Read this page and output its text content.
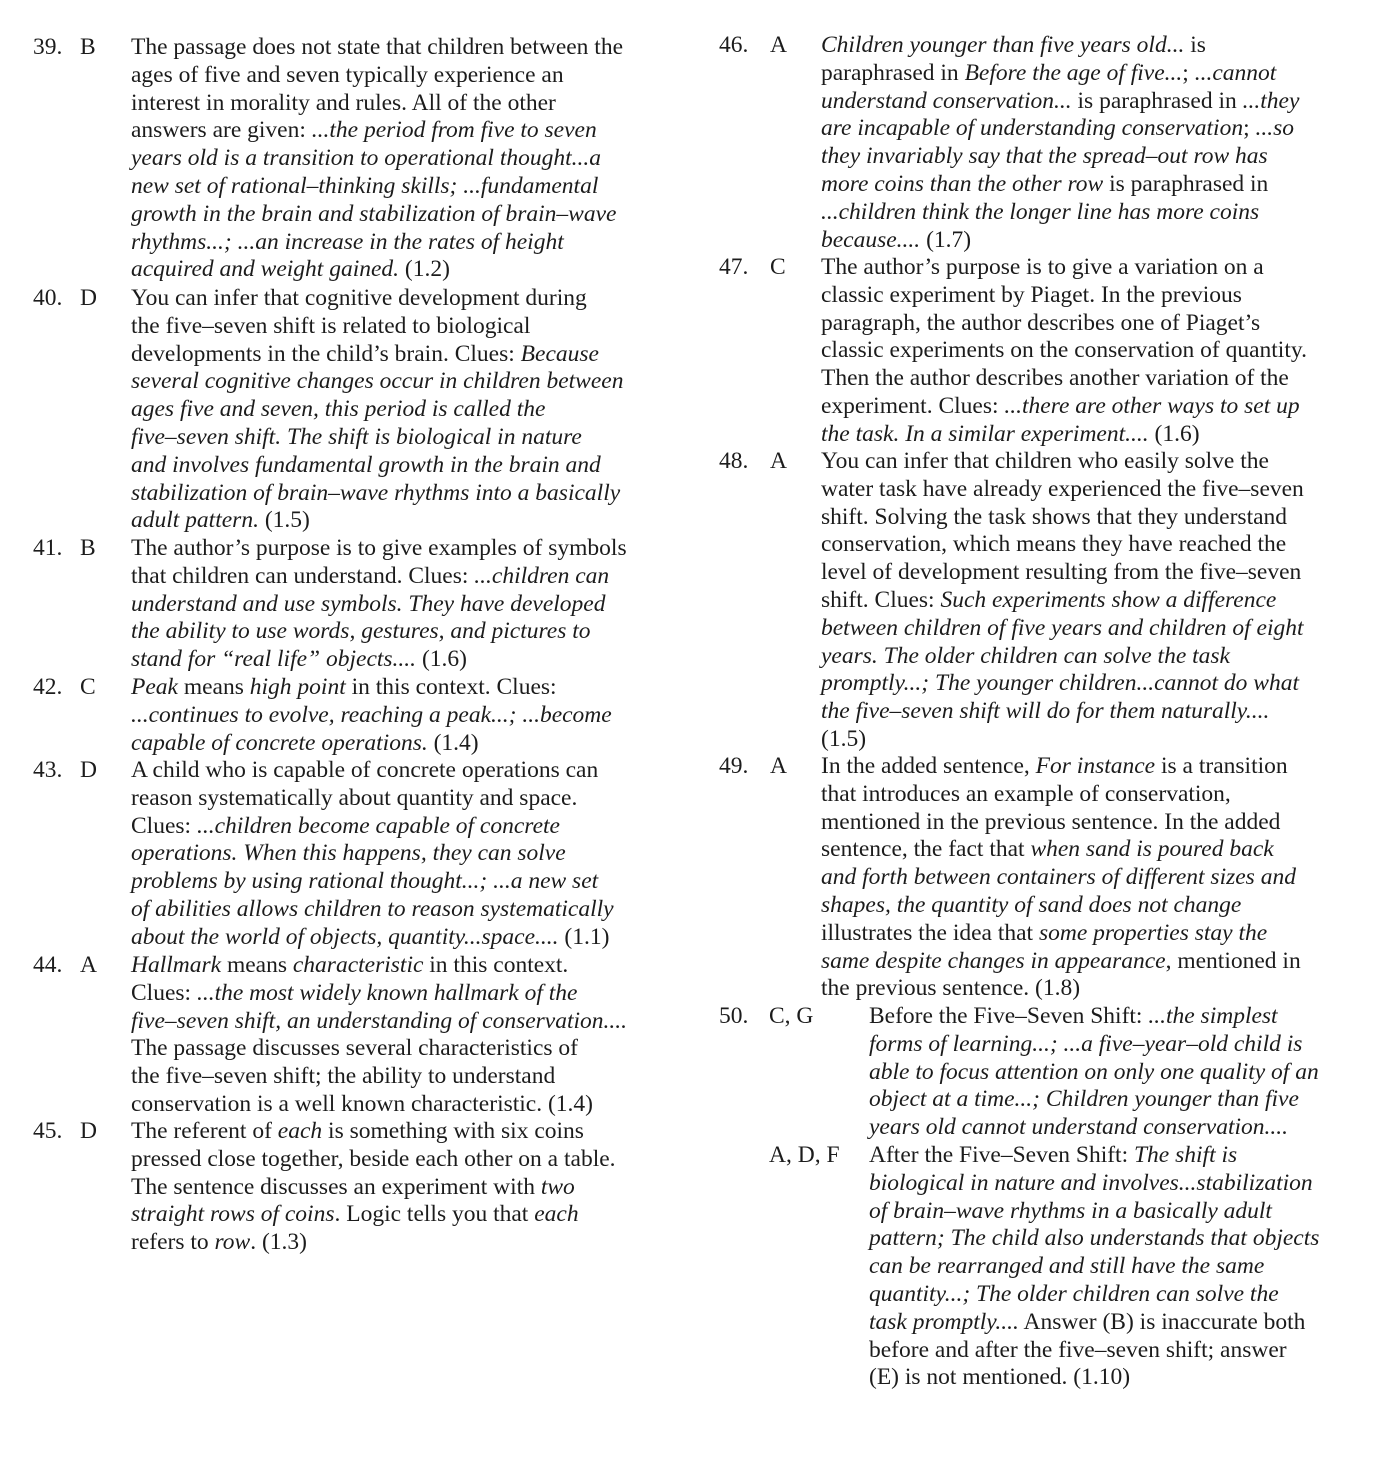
39. B The passage does not state that children between the
ages of five and seven typically experience an
interest in morality and rules. All of the other
answers are given: ...the period from five to seven
years old is a transition to operational thought...a
new set of rational–thinking skills; ...fundamental
growth in the brain and stabilization of brain–wave
rhythms...; ...an increase in the rates of height
acquired and weight gained. (1.2)
40. D You can infer that cognitive development during
the five–seven shift is related to biological
developments in the child’s brain. Clues: Because
several cognitive changes occur in children between
ages five and seven, this period is called the
five–seven shift. The shift is biological in nature
and involves fundamental growth in the brain and
stabilization of brain–wave rhythms into a basically
adult pattern. (1.5)
41. B The author’s purpose is to give examples of symbols
that children can understand. Clues: ...children can
understand and use symbols. They have developed
the ability to use words, gestures, and pictures to
stand for “real life” objects.... (1.6)
42. C Peak means high point in this context. Clues:
...continues to evolve, reaching a peak...; ...become
capable of concrete operations. (1.4)
43. D A child who is capable of concrete operations can
reason systematically about quantity and space.
Clues: ...children become capable of concrete
operations. When this happens, they can solve
problems by using rational thought...; ...a new set
of abilities allows children to reason systematically
about the world of objects, quantity...space.... (1.1)
44. A Hallmark means characteristic in this context.
Clues: ...the most widely known hallmark of the
five–seven shift, an understanding of conservation....
The passage discusses several characteristics of
the five–seven shift; the ability to understand
conservation is a well known characteristic. (1.4)
45. D The referent of each is something with six coins
pressed close together, beside each other on a table.
The sentence discusses an experiment with two
straight rows of coins. Logic tells you that each
refers to row. (1.3)
46. A Children younger than five years old... is
paraphrased in Before the age of five...; ...cannot
understand conservation... is paraphrased in ...they
are incapable of understanding conservation; ...so
they invariably say that the spread–out row has
more coins than the other row is paraphrased in
...children think the longer line has more coins
because.... (1.7)
47. C The author’s purpose is to give a variation on a
classic experiment by Piaget. In the previous
paragraph, the author describes one of Piaget’s
classic experiments on the conservation of quantity.
Then the author describes another variation of the
experiment. Clues: ...there are other ways to set up
the task. In a similar experiment.... (1.6)
48. A You can infer that children who easily solve the
water task have already experienced the five–seven
shift. Solving the task shows that they understand
conservation, which means they have reached the
level of development resulting from the five–seven
shift. Clues: Such experiments show a difference
between children of five years and children of eight
years. The older children can solve the task
promptly...; The younger children...cannot do what
the five–seven shift will do for them naturally....
(1.5)
49. A In the added sentence, For instance is a transition
that introduces an example of conservation,
mentioned in the previous sentence. In the added
sentence, the fact that when sand is poured back
and forth between containers of different sizes and
shapes, the quantity of sand does not change
illustrates the idea that some properties stay the
same despite changes in appearance, mentioned in
the previous sentence. (1.8)
50. C, G Before the Five–Seven Shift: ...the simplest
forms of learning...; ...a five–year–old child is
able to focus attention on only one quality of an
object at a time...; Children younger than five
years old cannot understand conservation....
A, D, F After the Five–Seven Shift: The shift is
biological in nature and involves...stabilization
of brain–wave rhythms in a basically adult
pattern; The child also understands that objects
can be rearranged and still have the same
quantity...; The older children can solve the
task promptly.... Answer (B) is inaccurate both
before and after the five–seven shift; answer
(E) is not mentioned. (1.10)
